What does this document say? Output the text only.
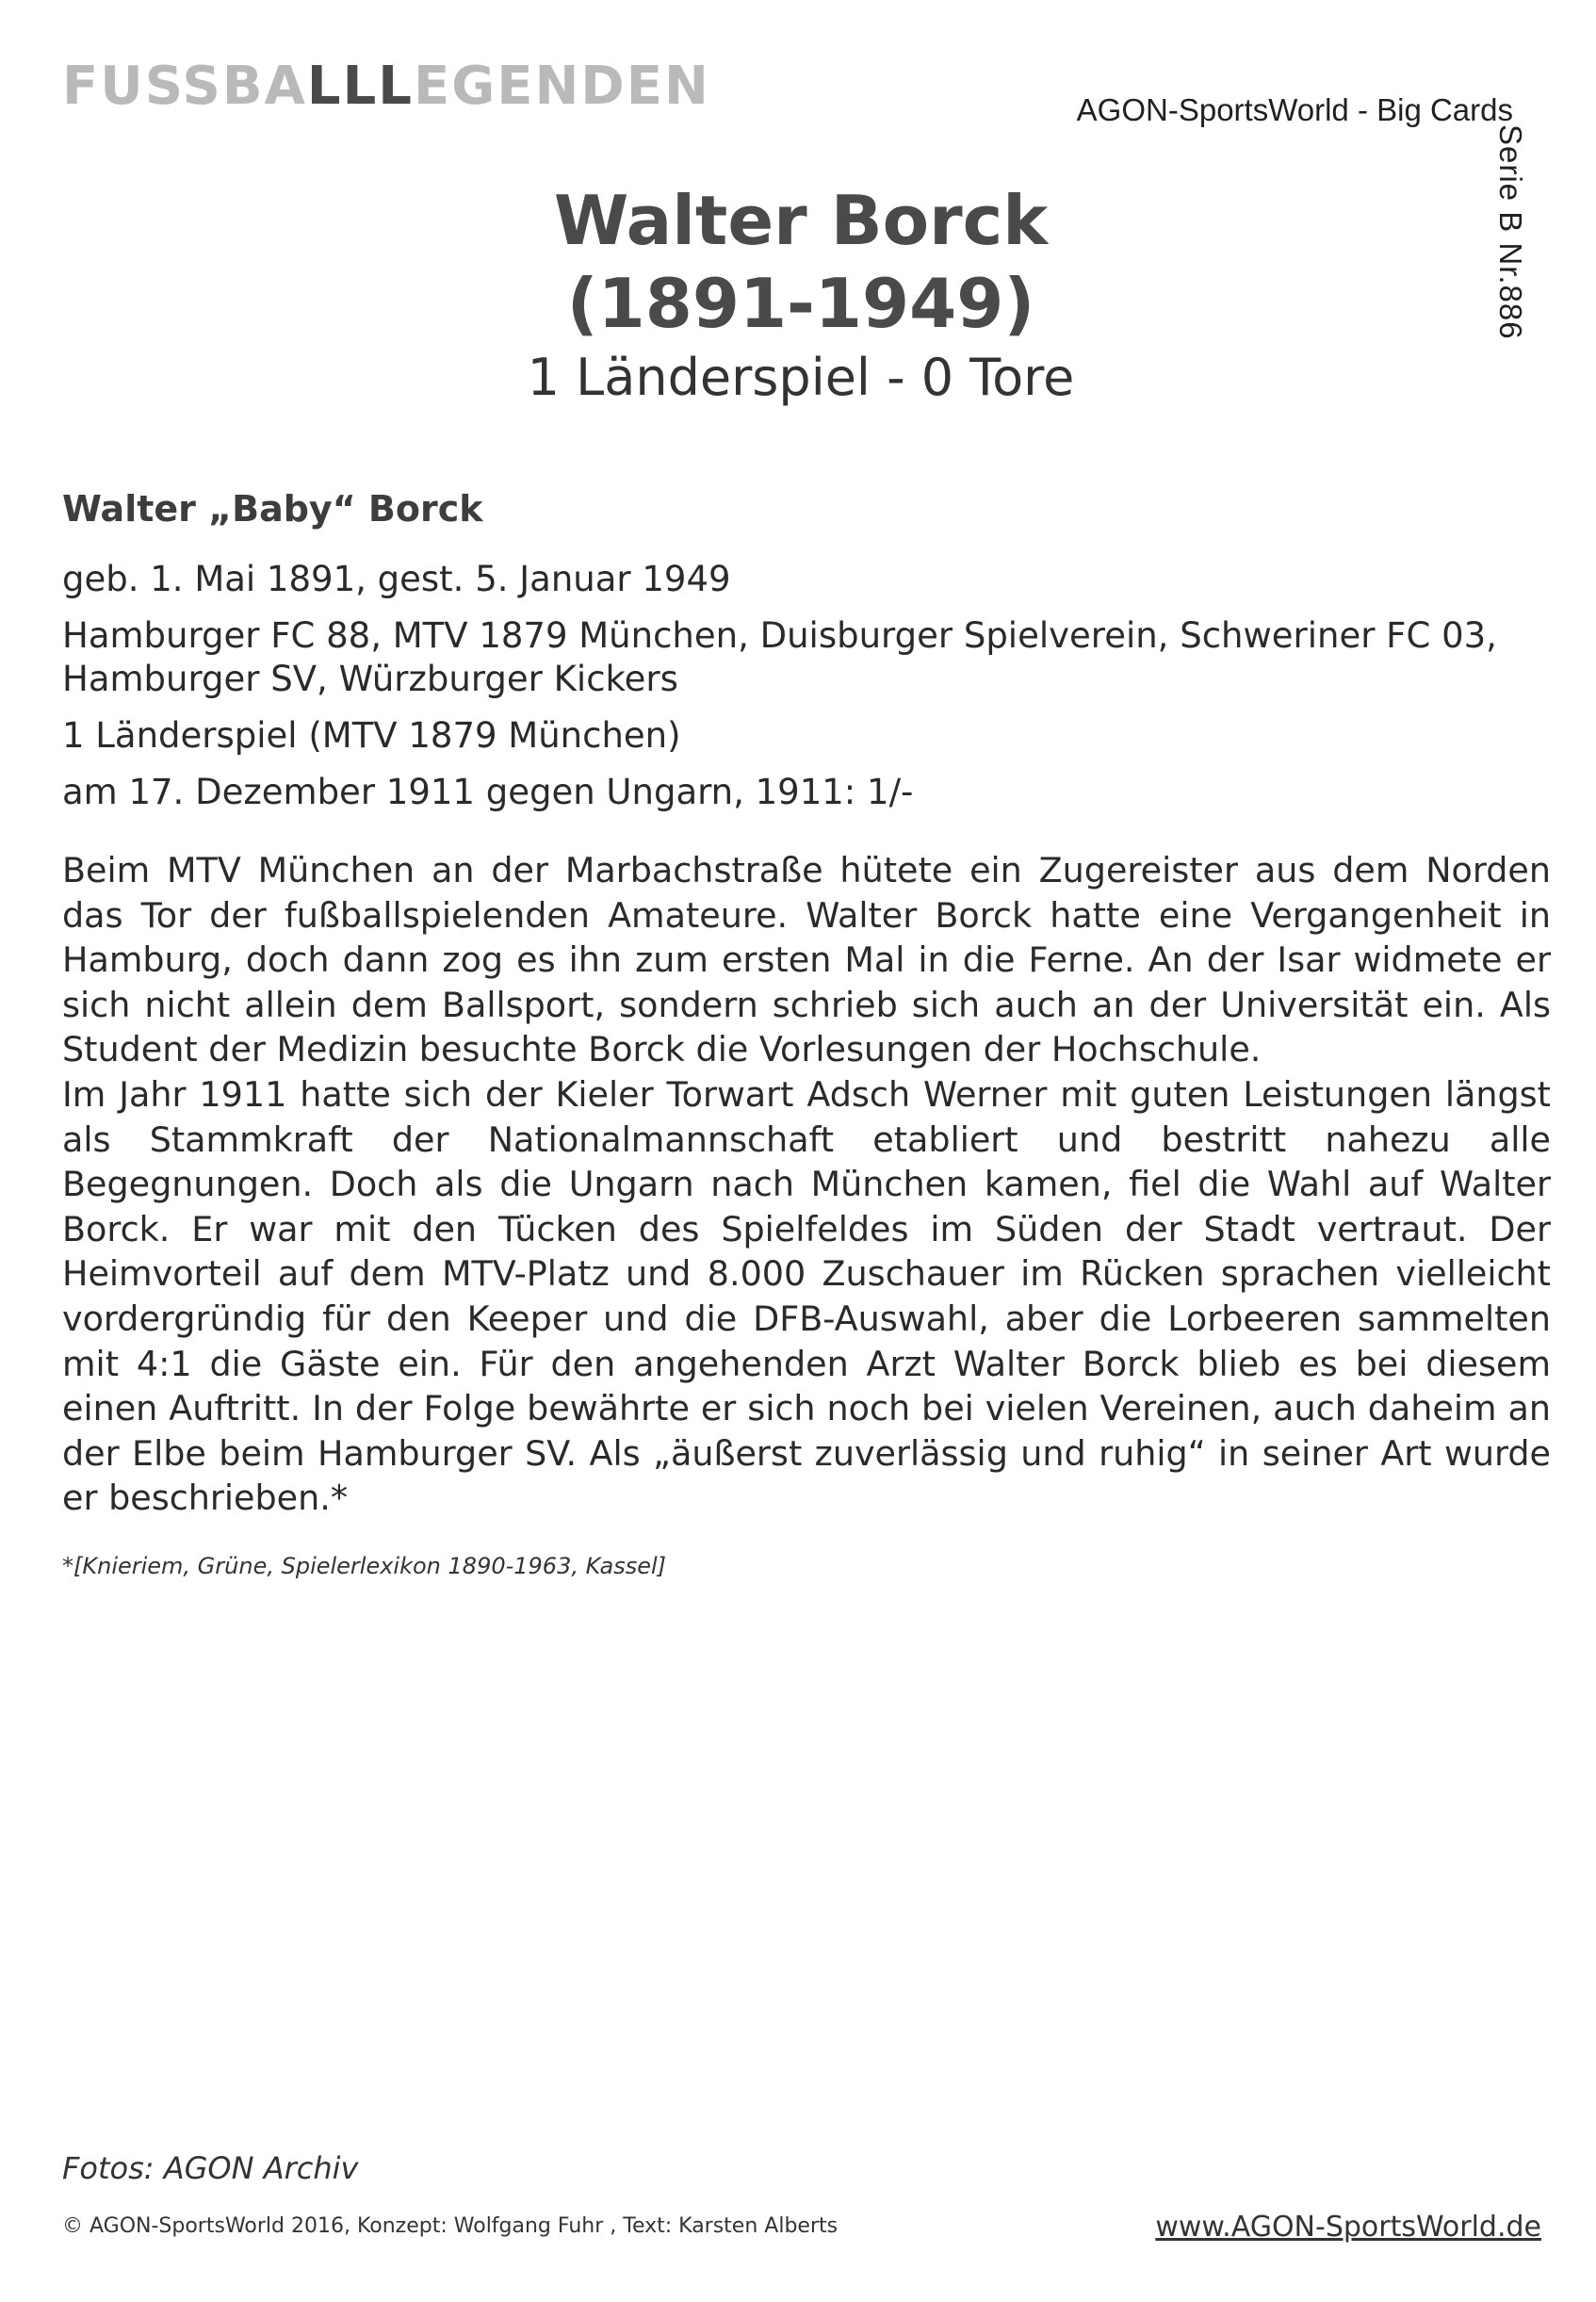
FUSSBALLLEGENDEN	AGON-SportsWorld - Big Cards
Serie B Nr.886
Walter Borck
(1891-1949)
1 Länderspiel - 0 Tore
Walter „Baby“ Borck
geb. 1. Mai 1891, gest. 5. Januar 1949
Hamburger FC 88, MTV 1879 München, Duisburger Spielverein, Schweriner FC 03, Hamburger SV, Würzburger Kickers
1 Länderspiel (MTV 1879 München)
am 17. Dezember 1911 gegen Ungarn, 1911: 1/-

Beim MTV München an der Marbachstraße hütete ein Zugereister aus dem Norden das Tor der fußballspielenden Amateure. Walter Borck hatte eine Vergangenheit in Hamburg, doch dann zog es ihn zum ersten Mal in die Ferne. An der Isar widmete er sich nicht allein dem Ballsport, sondern schrieb sich auch an der Universität ein. Als Student der Medizin besuchte Borck die Vorlesungen der Hochschule.

Im Jahr 1911 hatte sich der Kieler Torwart Adsch Werner mit guten Leistungen längst als Stammkraft der Nationalmannschaft etabliert und bestritt nahezu alle Begegnungen. Doch als die Ungarn nach München kamen, fiel die Wahl auf Walter Borck. Er war mit den Tücken des Spielfeldes im Süden der Stadt vertraut. Der Heimvorteil auf dem MTV-Platz und 8.000 Zuschauer im Rücken sprachen vielleicht vordergründig für den Keeper und die DFB-Auswahl, aber die Lorbeeren sammelten mit 4:1 die Gäste ein. Für den angehenden Arzt Walter Borck blieb es bei diesem einen Auftritt. In der Folge bewährte er sich noch bei vielen Vereinen, auch daheim an der Elbe beim Hamburger SV. Als „äußerst zuverlässig und ruhig“ in seiner Art wurde er beschrieben.*

*[Knieriem, Grüne, Spielerlexikon 1890-1963, Kassel]
Fotos: AGON Archiv
© AGON-SportsWorld 2016, Konzept: Wolfgang Fuhr , Text: Karsten Alberts	www.AGON-SportsWorld.de
